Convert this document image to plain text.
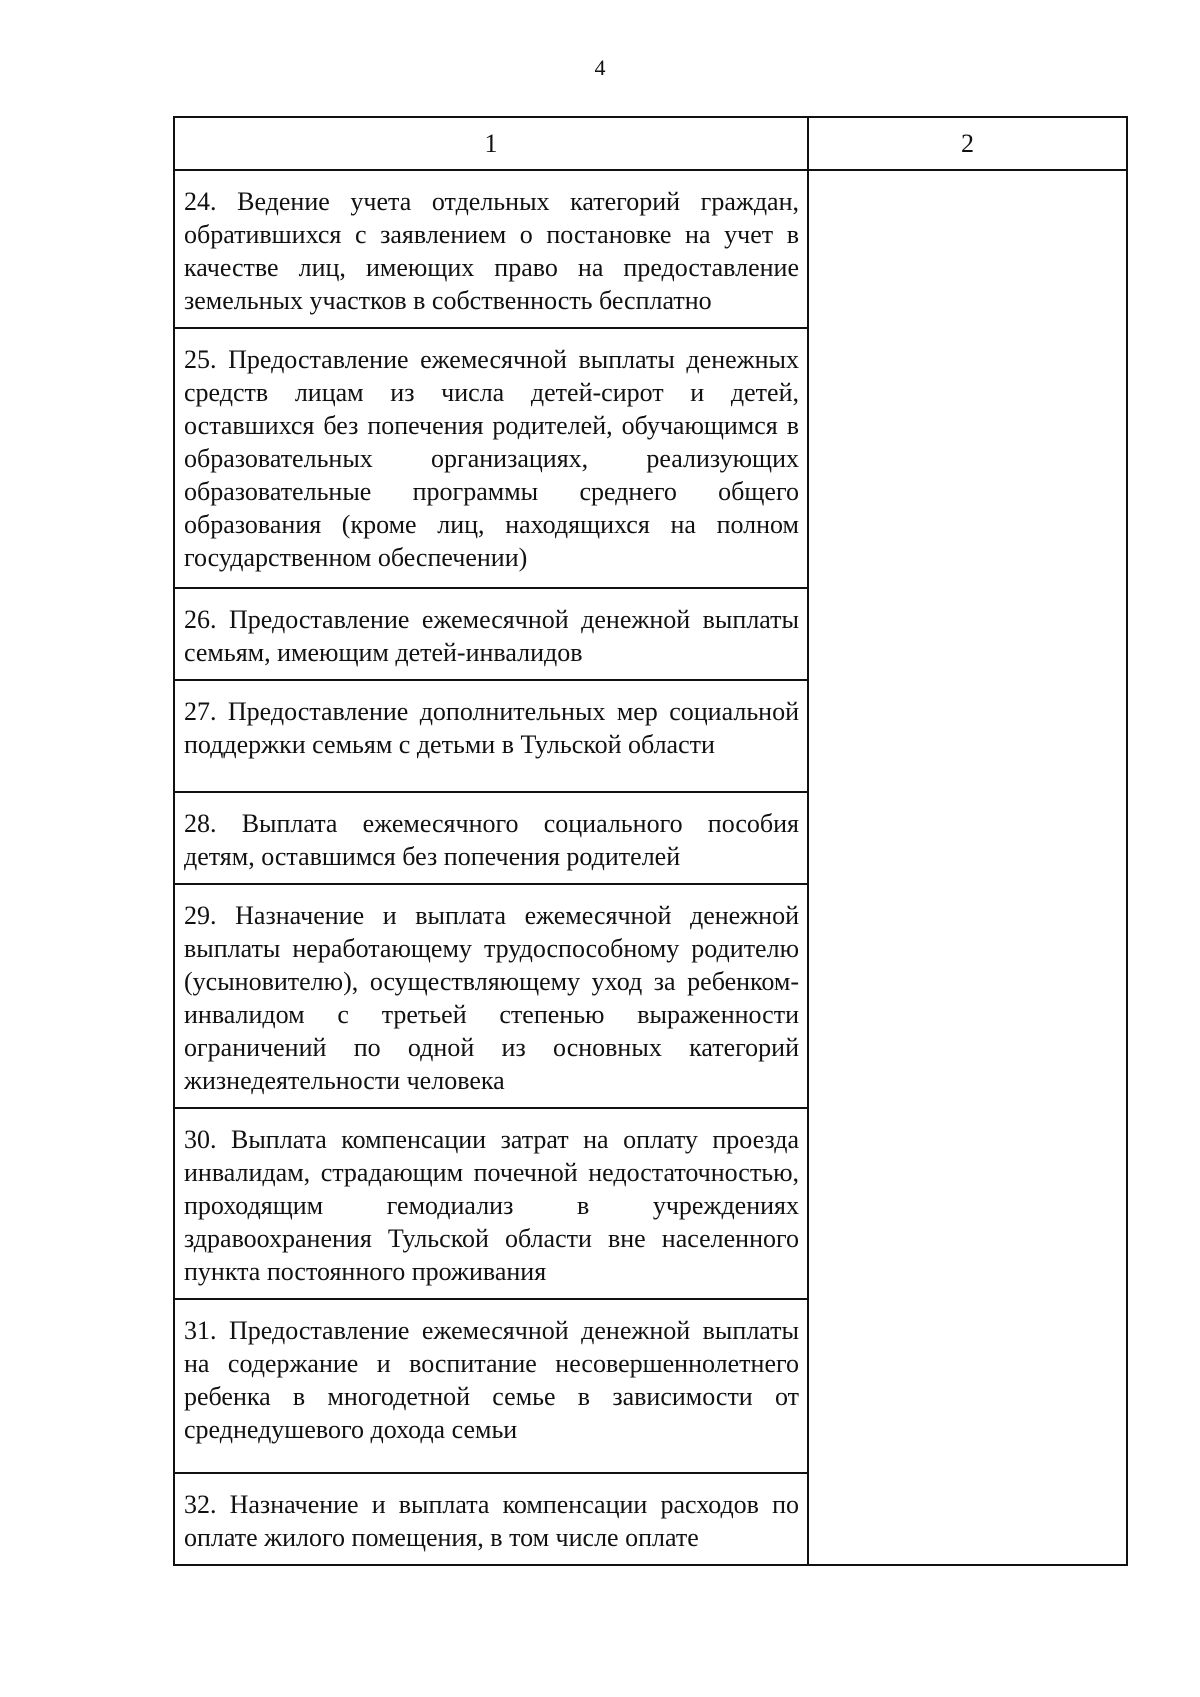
4
1	2
24. Ведение учета отдельных категорий граждан, обратившихся с заявлением о постановке на учет в качестве лиц, имеющих право на предоставление земельных участков в собственность бесплатно	
25. Предоставление ежемесячной выплаты денежных средств лицам из числа детей-сирот и детей, оставшихся без попечения родителей, обучающимся в образовательных организациях, реализующих образовательные программы среднего общего образования (кроме лиц, находящихся на полном государственном обеспечении)	
26. Предоставление ежемесячной денежной выплаты семьям, имеющим детей-инвалидов	
27. Предоставление дополнительных мер социальной поддержки семьям с детьми в Тульской области	
28. Выплата ежемесячного социального пособия детям, оставшимся без попечения родителей	
29. Назначение и выплата ежемесячной денежной выплаты неработающему трудоспособному родителю (усыновителю), осуществляющему уход за ребенком-инвалидом с третьей степенью выраженности ограничений по одной из основных категорий жизнедеятельности человека	
30. Выплата компенсации затрат на оплату проезда инвалидам, страдающим почечной недостаточностью, проходящим гемодиализ в учреждениях здравоохранения Тульской области вне населенного пункта постоянного проживания	
31. Предоставление ежемесячной денежной выплаты на содержание и воспитание несовершеннолетнего ребенка в многодетной семье в зависимости от среднедушевого дохода семьи	
32. Назначение и выплата компенсации расходов по оплате жилого помещения, в том числе оплате	
